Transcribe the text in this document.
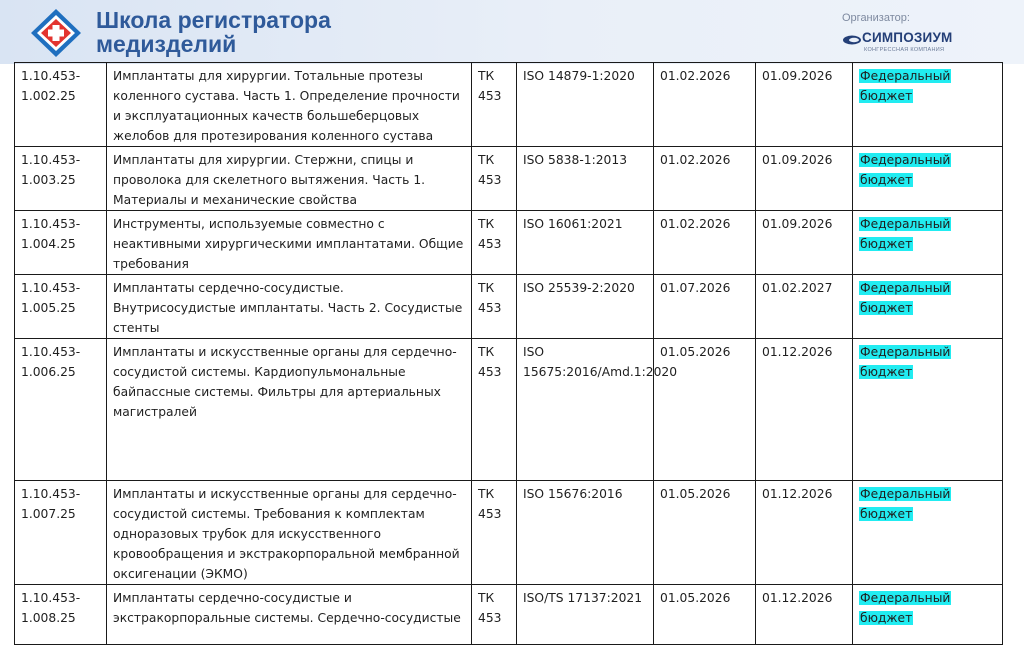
Школа регистратора
медизделий
Организатор:
СИМПОЗИУМ
КОНГРЕССНАЯ КОМПАНИЯ
1.10.453-1.002.25	Имплантаты для хирургии. Тотальные протезы коленного сустава. Часть 1. Определение прочности и эксплуатационных качеств большеберцовых желобов для протезирования коленного сустава	ТК 453	ISO 14879-1:2020	01.02.2026	01.09.2026	Федеральный бюджет
1.10.453-1.003.25	Имплантаты для хирургии. Стержни, спицы и проволока для скелетного вытяжения. Часть 1. Материалы и механические свойства	ТК 453	ISO 5838-1:2013	01.02.2026	01.09.2026	Федеральный бюджет
1.10.453-1.004.25	Инструменты, используемые совместно с неактивными хирургическими имплантатами. Общие требования	ТК 453	ISO 16061:2021	01.02.2026	01.09.2026	Федеральный бюджет
1.10.453-1.005.25	Имплантаты сердечно-сосудистые. Внутрисосудистые имплантаты. Часть 2. Сосудистые стенты	ТК 453	ISO 25539-2:2020	01.07.2026	01.02.2027	Федеральный бюджет
1.10.453-1.006.25	Имплантаты и искусственные органы для сердечно-сосудистой системы. Кардиопульмональные байпассные системы. Фильтры для артериальных магистралей	ТК 453	ISO 15675:2016/Amd.1:2020	01.05.2026	01.12.2026	Федеральный бюджет
1.10.453-1.007.25	Имплантаты и искусственные органы для сердечно-сосудистой системы. Требования к комплектам одноразовых трубок для искусственного кровообращения и экстракорпоральной мембранной оксигенации (ЭКМО)	ТК 453	ISO 15676:2016	01.05.2026	01.12.2026	Федеральный бюджет
1.10.453-1.008.25	Имплантаты сердечно-сосудистые и экстракорпоральные системы. Сердечно-сосудистые	ТК 453	ISO/TS 17137:2021	01.05.2026	01.12.2026	Федеральный бюджет
